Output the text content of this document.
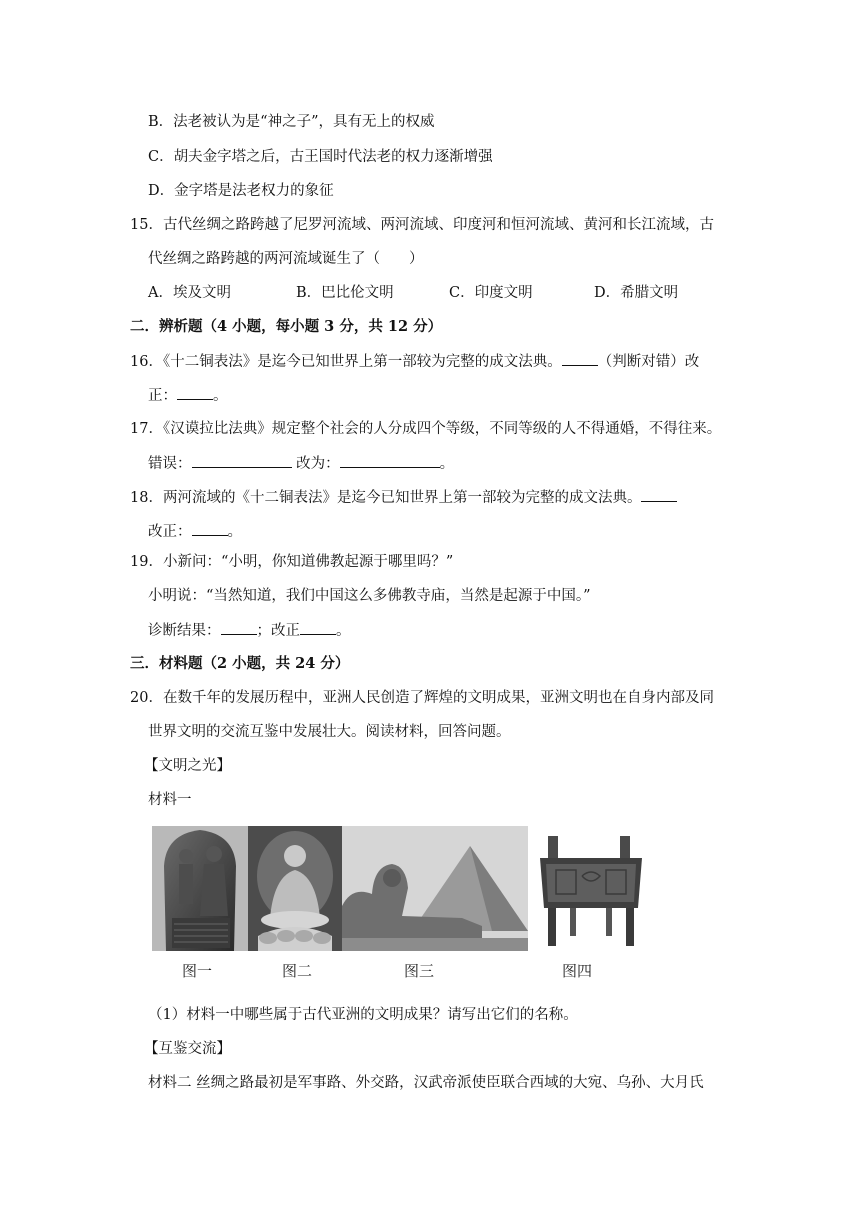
B．法老被认为是“神之子”，具有无上的权威
C．胡夫金字塔之后，古王国时代法老的权力逐渐增强
D．金字塔是法老权力的象征
15．古代丝绸之路跨越了尼罗河流域、两河流域、印度河和恒河流域、黄河和长江流域，古
代丝绸之路跨越的两河流域诞生了（　　）
A．埃及文明	B．巴比伦文明	C．印度文明	D．希腊文明
二．辨析题（4 小题，每小题 3 分，共 12 分）
16．《十二铜表法》是迄今已知世界上第一部较为完整的成文法典。 （判断对错）改
正： 。
17．《汉谟拉比法典》规定整个社会的人分成四个等级，不同等级的人不得通婚，不得往来。
错误：	改为：	。
18．两河流域的《十二铜表法》是迄今已知世界上第一部较为完整的成文法典。
改正： 。
19．小新问：“小明，你知道佛教起源于哪里吗？”
小明说：“当然知道，我们中国这么多佛教寺庙，当然是起源于中国。”
诊断结果： ；改正 。
三．材料题（2 小题，共 24 分）
20．在数千年的发展历程中，亚洲人民创造了辉煌的文明成果，亚洲文明也在自身内部及同
世界文明的交流互鉴中发展壮大。阅读材料，回答问题。
【文明之光】
材料一
图一	图二	图三	图四
（1）材料一中哪些属于古代亚洲的文明成果？请写出它们的名称。
【互鉴交流】
材料二 丝绸之路最初是军事路、外交路，汉武帝派使臣联合西域的大宛、乌孙、大月氏
